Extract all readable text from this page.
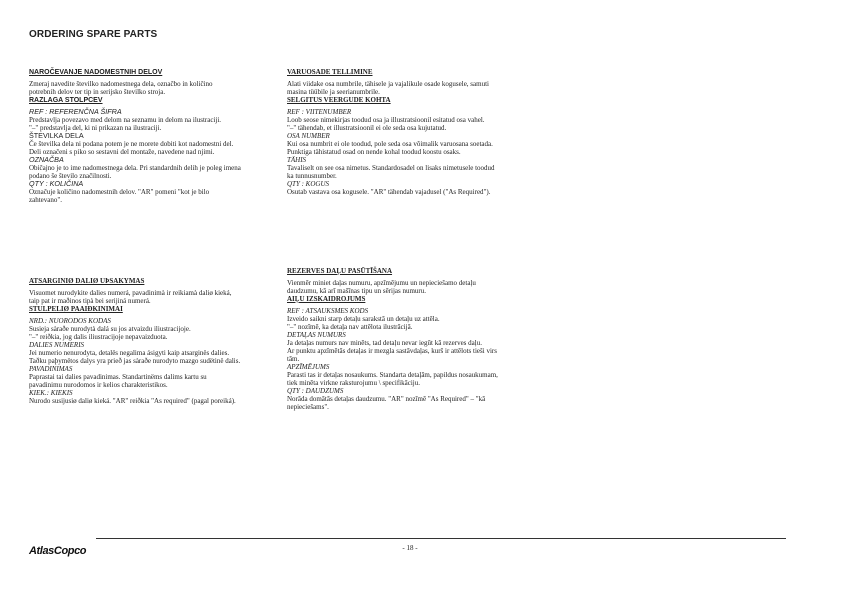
ORDERING SPARE PARTS

NAROČEVANJE NADOMESTNIH DELOV

Zmeraj navedite številko nadomestnega dela, označbo in količino
potrebnih delov ter tip in serijsko številko stroja.

RAZLAGA STOLPCEV

REF : REFERENČNA ŠIFRA

Predstavlja povezavo med delom na seznamu in delom na ilustraciji.
"–" predstavlja del, ki ni prikazan na ilustraciji.

ŠTEVILKA DELA

Če številka dela ni podana potem je ne morete dobiti kot nadomestni del.
Deli označeni s piko so sestavni del montaže, navedene nad njimi.

OZNAČBA

Običajno je to ime nadomestnega dela. Pri standardnih delih je poleg imena
podano še število značilnosti.

QTY : KOLIČINA

Označuje količino nadomestnih delov. "AR" pomeni "kot je bilo
zahtevano".

VARUOSADE TELLIMINE

Alati viidake osa numbrile, tähisele ja vajalikule osade kogusele, samuti
masina tüübile ja seerianumbrile.

SELGITUS VEERGUDE KOHTA

REF : VIITENUMBER

Loob seose nimekirjas toodud osa ja illustratsioonil esitatud osa vahel.
"–" tähendab, et illustratsioonil ei ole seda osa kujutatud.

OSA NUMBER

Kui osa numbrit ei ole toodud, pole seda osa võimalik varuosana soetada.
Punktiga tähistatud osad on nende kohal toodud koostu osaks.

TÄHIS

Tavaliselt on see osa nimetus. Standardosadel on lisaks nimetusele toodud
ka tunnusnumber.

QTY : KOGUS

Osutab vastava osa kogusele. "AR" tähendab vajadusel ("As Required").

ATSARGINIØ DALIØ UÞSAKYMAS

Visuomet nurodykite dalies numerá, pavadinimà ir reikiamà daliø kieká,
taip pat ir maðinos tipà bei serijiná numerá.

STULPELIØ PAAIÐKINIMAI

NRD.: NUORODOS KODAS

Susieja sàraðe nurodytà dalá su jos atvaizdu iliustracijoje.
"–" reiðkia, jog dalis iliustracijoje nepavaizduota.

DALIES NUMERIS

Jei numerio nenurodyta, detalës negalima ásigyti kaip atsarginës dalies.
Taðku paþymëtos dalys yra prieð jas sàraðe nurodyto mazgo sudëtinë dalis.

PAVADINIMAS

Paprastai tai dalies pavadinimas. Standartinëms dalims kartu su
pavadinimu nurodomos ir kelios charakteristikos.

KIEK.: KIEKIS

Nurodo susijusiø daliø kieká. "AR" reiðkia "As required" (pagal poreiká).

REZERVES DAĻU PASŪTĪŠANA

Vienmēr miniet daļas numuru, apzīmējumu un nepieciešamo detaļu
daudzumu, kā arī mašīnas tipu un sērijas numuru.

AIĻU IZSKAIDROJUMS

REF : ATSAUKSMES KODS

Izveido saikni starp detaļu sarakstā un detaļu uz attēla.
"–" nozīmē, ka detaļa nav attēlota ilustrācijā.

DETAĻAS NUMURS

Ja detaļas numurs nav minēts, tad detaļu nevar iegūt kā rezerves daļu.
Ar punktu apzīmētās detaļas ir mezgla sastāvdaļas, kurš ir attēlots tieši virs
tām.

APZĪMĒJUMS

Parasti tas ir detaļas nosaukums. Standarta detaļām, papildus nosaukumam,
tiek minēta virkne raksturojumu \ specifikāciju.

QTY : DAUDZUMS

Norāda domātās detaļas daudzumu. "AR" nozīmē "As Required" – "kā
nepieciešams".

AtlasCopco	- 18 -
